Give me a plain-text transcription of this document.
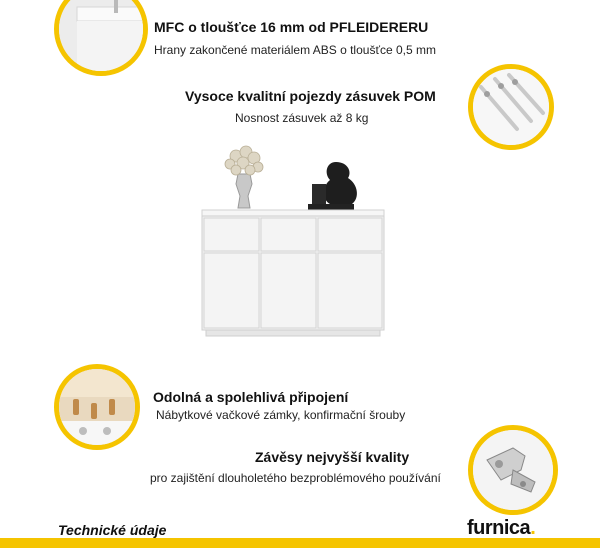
MFC o tloušťce 16 mm od PFLEIDERERU
Hrany zakončené materiálem ABS o tloušťce 0,5 mm
Vysoce kvalitní pojezdy zásuvek POM
Nosnost zásuvek až 8 kg
Odolná a spolehlivá připojení
Nábytkové vačkové zámky, konfirmační šrouby
Závěsy nejvyšší kvality
pro zajištění dlouholetého bezproblémového používání
Technické údaje	furnica.
